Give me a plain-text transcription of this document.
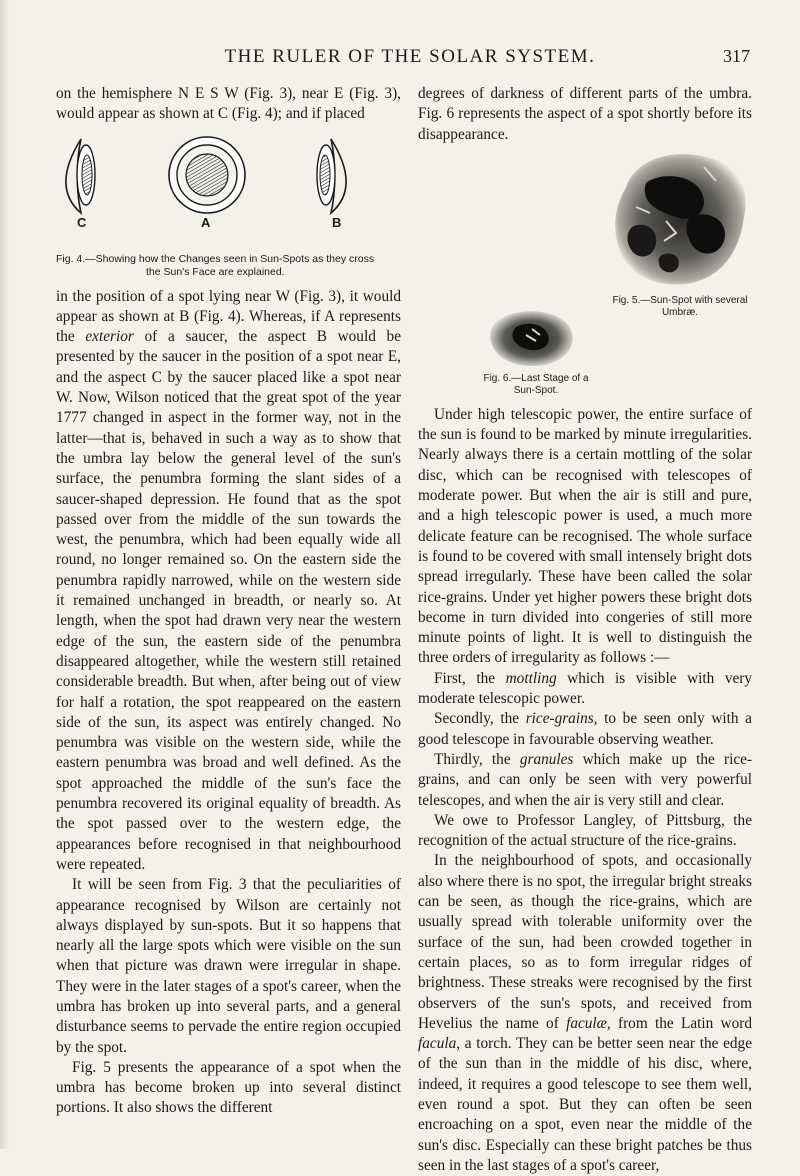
THE RULER OF THE SOLAR SYSTEM.	317

on the hemisphere N E S W (Fig. 3), near E (Fig. 3), would appear as shown at C (Fig. 4); and if placed

C	A	B
Fig. 4.—Showing how the Changes seen in Sun-Spots as they cross
the Sun's Face are explained.

in the position of a spot lying near W (Fig. 3), it would appear as shown at B (Fig. 4). Whereas, if A represents the exterior of a saucer, the aspect B would be presented by the saucer in the position of a spot near E, and the aspect C by the saucer placed like a spot near W. Now, Wilson noticed that the great spot of the year 1777 changed in aspect in the former way, not in the latter—that is, behaved in such a way as to show that the umbra lay below the general level of the sun's surface, the penumbra forming the slant sides of a saucer-shaped depression. He found that as the spot passed over from the middle of the sun towards the west, the penumbra, which had been equally wide all round, no longer remained so. On the eastern side the penumbra rapidly narrowed, while on the western side it remained unchanged in breadth, or nearly so. At length, when the spot had drawn very near the western edge of the sun, the eastern side of the penumbra disappeared altogether, while the western still retained considerable breadth. But when, after being out of view for half a rotation, the spot reappeared on the eastern side of the sun, its aspect was entirely changed. No penumbra was visible on the western side, while the eastern penumbra was broad and well defined. As the spot approached the middle of the sun's face the penumbra recovered its original equality of breadth. As the spot passed over to the western edge, the appearances before recognised in that neighbourhood were repeated.

It will be seen from Fig. 3 that the peculiarities of appearance recognised by Wilson are certainly not always displayed by sun-spots. But it so happens that nearly all the large spots which were visible on the sun when that picture was drawn were irregular in shape. They were in the later stages of a spot's career, when the umbra has broken up into several parts, and a general disturbance seems to pervade the entire region occupied by the spot.

Fig. 5 presents the appearance of a spot when the umbra has become broken up into several distinct portions. It also shows the different

degrees of darkness of different parts of the umbra. Fig. 6 represents the aspect of a spot shortly before its disappearance.

Fig. 5.—Sun-Spot with several Umbræ.
Fig. 6.—Last Stage of a Sun-Spot.

Under high telescopic power, the entire surface of the sun is found to be marked by minute irregularities. Nearly always there is a certain mottling of the solar disc, which can be recognised with telescopes of moderate power. But when the air is still and pure, and a high telescopic power is used, a much more delicate feature can be recognised. The whole surface is found to be covered with small intensely bright dots spread irregularly. These have been called the solar rice-grains. Under yet higher powers these bright dots become in turn divided into congeries of still more minute points of light. It is well to distinguish the three orders of irregularity as follows :—

First, the mottling which is visible with very moderate telescopic power.

Secondly, the rice-grains, to be seen only with a good telescope in favourable observing weather.

Thirdly, the granules which make up the rice-grains, and can only be seen with very powerful telescopes, and when the air is very still and clear.

We owe to Professor Langley, of Pittsburg, the recognition of the actual structure of the rice-grains.

In the neighbourhood of spots, and occasionally also where there is no spot, the irregular bright streaks can be seen, as though the rice-grains, which are usually spread with tolerable uniformity over the surface of the sun, had been crowded together in certain places, so as to form irregular ridges of brightness. These streaks were recognised by the first observers of the sun's spots, and received from Hevelius the name of faculæ, from the Latin word facula, a torch. They can be better seen near the edge of the sun than in the middle of his disc, where, indeed, it requires a good telescope to see them well, even round a spot. But they can often be seen encroaching on a spot, even near the middle of the sun's disc. Especially can these bright patches be thus seen in the last stages of a spot's career,
